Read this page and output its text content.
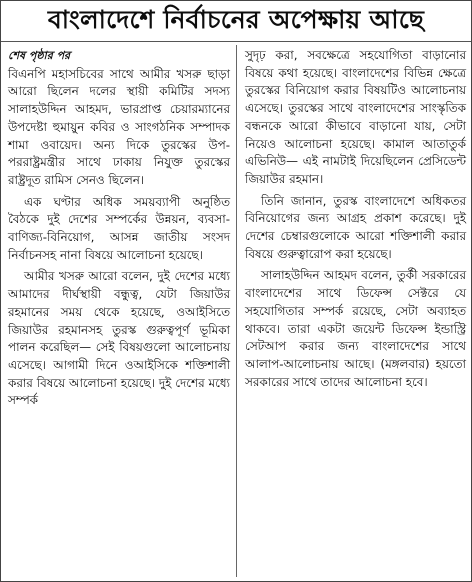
বাংলাদেশে নির্বাচনের অপেক্ষায় আছে

শেষ পৃষ্ঠার পর

বিএনপি মহাসচিবের সাথে আমীর খসরু ছাড়া আরো ছিলেন দলের স্থায়ী কমিটির সদস্য সালাহউদ্দিন আহমদ, ভারপ্রাপ্ত চেয়ারম্যানের উপদেষ্টা হুমায়ুন কবির ও সাংগঠনিক সম্পাদক শামা ওবায়েদ। অন্য দিকে তুরস্কের উপ-পররাষ্ট্রমন্ত্রীর সাথে ঢাকায় নিযুক্ত তুরস্কের রাষ্ট্রদূত রামিস সেনও ছিলেন।

এক ঘণ্টার অধিক সময়ব্যাপী অনুষ্ঠিত বৈঠকে দুই দেশের সম্পর্কের উন্নয়ন, ব্যবসা-বাণিজ্য-বিনিয়োগ, আসন্ন জাতীয় সংসদ নির্বাচনসহ নানা বিষয়ে আলোচনা হয়েছে।

আমীর খসরু আরো বলেন, দুই দেশের মধ্যে আমাদের দীর্ঘস্থায়ী বন্ধুত্ব, যেটা জিয়াউর রহমানের সময় থেকে হয়েছে, ওআইসিতে জিয়াউর রহমানসহ তুরস্ক গুরুত্বপূর্ণ ভূমিকা পালন করেছিল— সেই বিষয়গুলো আলোচনায় এসেছে। আগামী দিনে ওআইসিকে শক্তিশালী করার বিষয়ে আলোচনা হয়েছে। দুই দেশের মধ্যে সম্পর্ক

সুদৃঢ় করা, সবক্ষেত্রে সহযোগিতা বাড়ানোর বিষয়ে কথা হয়েছে। বাংলাদেশের বিভিন্ন ক্ষেত্রে তুরস্কের বিনিয়োগ করার বিষয়টিও আলোচনায় এসেছে। তুরস্কের সাথে বাংলাদেশের সাংস্কৃতিক বন্ধনকে আরো কীভাবে বাড়ানো যায়, সেটা নিয়েও আলোচনা হয়েছে। কামাল আতাতুর্ক এভিনিউ— এই নামটাই দিয়েছিলেন প্রেসিডেন্ট জিয়াউর রহমান।

তিনি জানান, তুরস্ক বাংলাদেশে অধিকতর বিনিয়োগের জন্য আগ্রহ প্রকাশ করেছে। দুই দেশের চেম্বারগুলোকে আরো শক্তিশালী করার বিষয়ে গুরুত্বারোপ করা হয়েছে।

সালাহউদ্দিন আহমদ বলেন, তুর্কী সরকারের বাংলাদেশের সাথে ডিফেন্স সেক্টরে যে সহযোগিতার সম্পর্ক রয়েছে, সেটা অব্যাহত থাকবে। তারা একটা জয়েন্ট ডিফেন্স ইন্ডাস্ট্রি সেটআপ করার জন্য বাংলাদেশের সাথে আলাপ-আলোচনায় আছে। (মঙ্গলবার) হয়তো সরকারের সাথে তাদের আলোচনা হবে।
